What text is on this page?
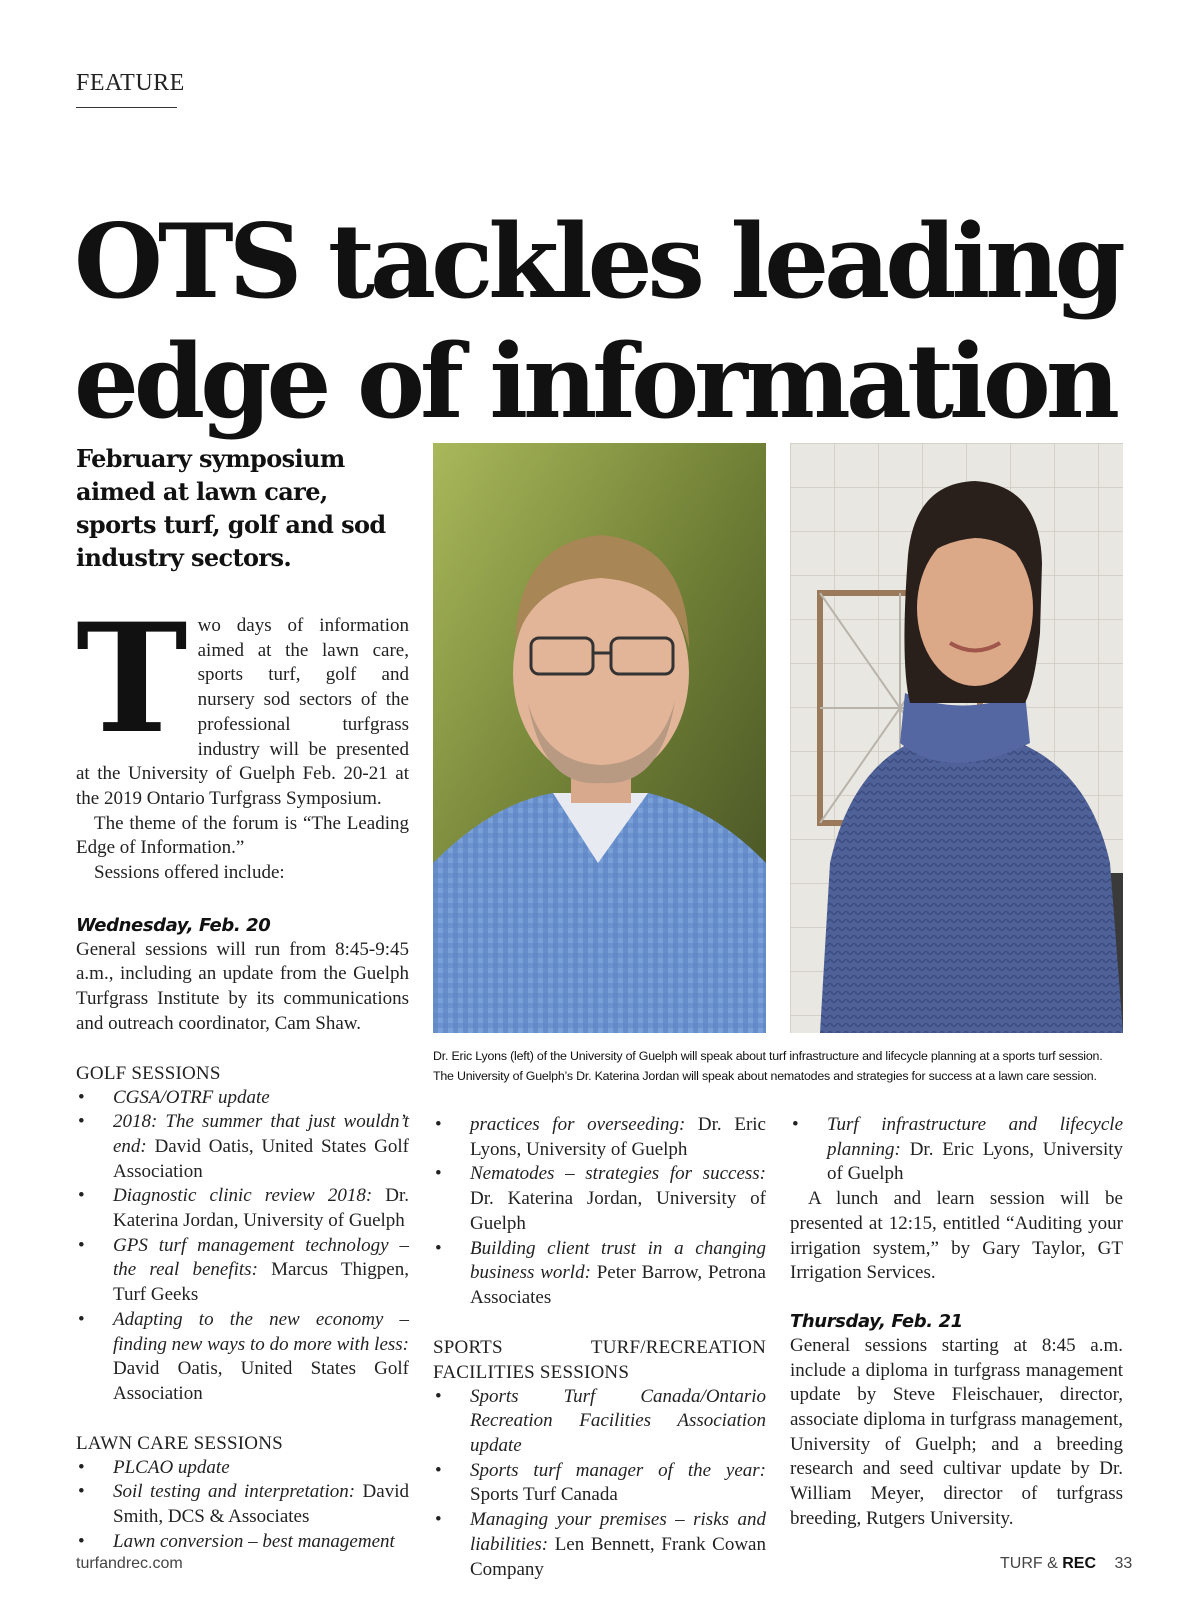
FEATURE
OTS tackles leading edge of information
February symposium aimed at lawn care, sports turf, golf and sod industry sectors.

Two days of information aimed at the lawn care, sports turf, golf and nursery sod sectors of the professional turfgrass industry will be presented at the University of Guelph Feb. 20-21 at the 2019 Ontario Turfgrass Symposium.

The theme of the forum is “The Leading Edge of Information.”

Sessions offered include:

Wednesday, Feb. 20

General sessions will run from 8:45-9:45 a.m., including an update from the Guelph Turfgrass Institute by its communications and outreach coordinator, Cam Shaw.

GOLF SESSIONS

• CGSA/OTRF update
• 2018: The summer that just wouldn’t end: David Oatis, United States Golf Association
• Diagnostic clinic review 2018: Dr. Katerina Jordan, University of Guelph
• GPS turf management technology – the real benefits: Marcus Thigpen, Turf Geeks
• Adapting to the new economy – finding new ways to do more with less: David Oatis, United States Golf Association

LAWN CARE SESSIONS

• PLCAO update
• Soil testing and interpretation: David Smith, DCS & Associates
• Lawn conversion – best management
Dr. Eric Lyons (left) of the University of Guelph will speak about turf infrastructure and lifecycle planning at a sports turf session. The University of Guelph’s Dr. Katerina Jordan will speak about nematodes and strategies for success at a lawn care session.
• practices for overseeding: Dr. Eric Lyons, University of Guelph
• Nematodes – strategies for success: Dr. Katerina Jordan, University of Guelph
• Building client trust in a changing business world: Peter Barrow, Petrona Associates

SPORTS TURF/RECREATION FACILITIES SESSIONS

• Sports Turf Canada/Ontario Recreation Facilities Association update
• Sports turf manager of the year: Sports Turf Canada
• Managing your premises – risks and liabilities: Len Bennett, Frank Cowan Company
• Turf infrastructure and lifecycle planning: Dr. Eric Lyons, University of Guelph

A lunch and learn session will be presented at 12:15, entitled “Auditing your irrigation system,” by Gary Taylor, GT Irrigation Services.

Thursday, Feb. 21

General sessions starting at 8:45 a.m. include a diploma in turfgrass management update by Steve Fleischauer, director, associate diploma in turfgrass management, University of Guelph; and a breeding research and seed cultivar update by Dr. William Meyer, director of turfgrass breeding, Rutgers University.

turfandrec.com	TURF & REC 33
